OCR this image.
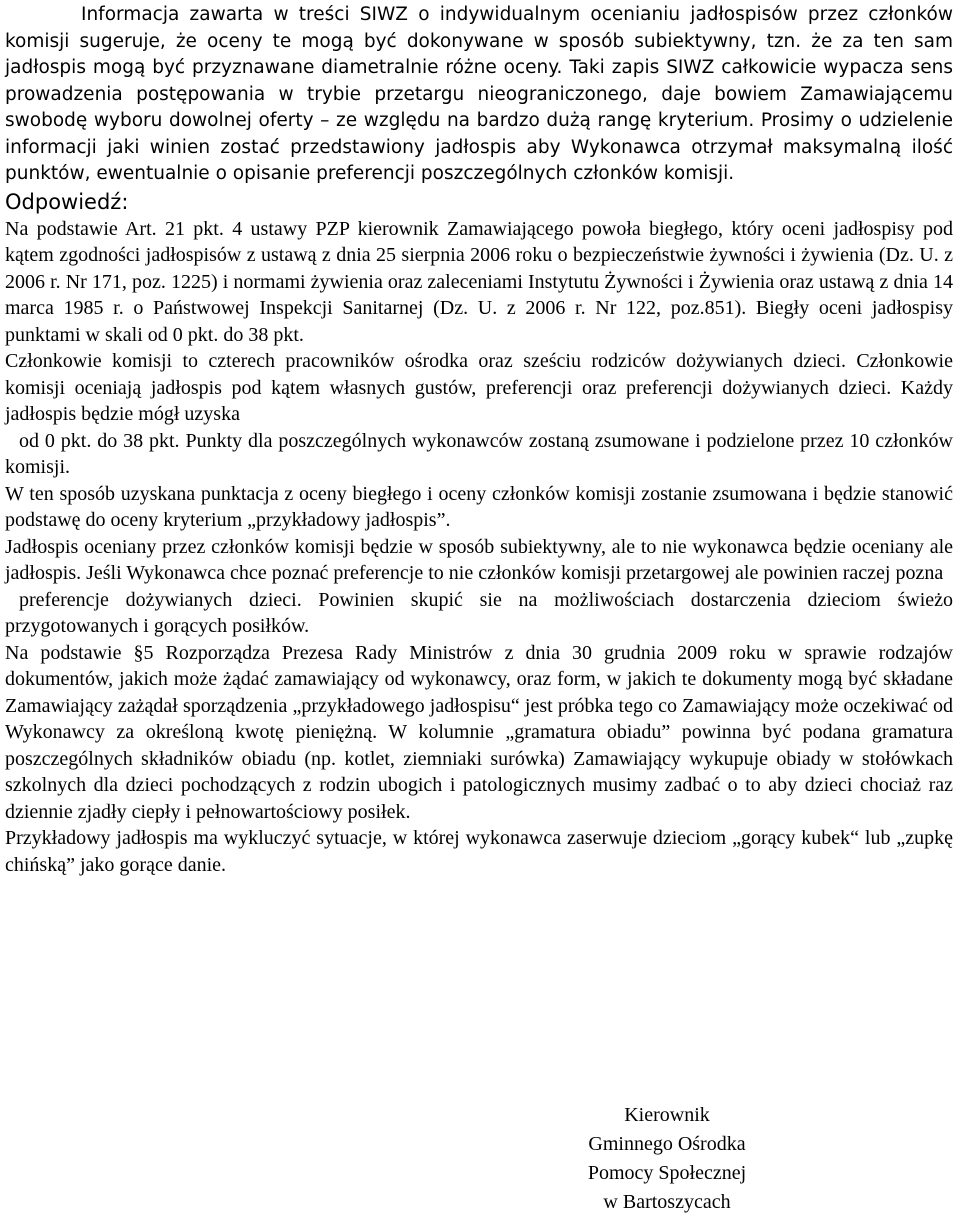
Informacja zawarta w treści SIWZ o indywidualnym ocenianiu jadłospisów przez członków komisji sugeruje, że oceny te mogą być dokonywane w sposób subiektywny, tzn. że za ten sam jadłospis mogą być przyznawane diametralnie różne oceny. Taki zapis SIWZ całkowicie wypacza sens prowadzenia postępowania w trybie przetargu nieograniczonego, daje bowiem Zamawiającemu swobodę wyboru dowolnej oferty – ze względu na bardzo dużą rangę kryterium. Prosimy o udzielenie informacji jaki winien zostać przedstawiony jadłospis aby Wykonawca otrzymał maksymalną ilość punktów, ewentualnie o opisanie preferencji poszczególnych członków komisji.

Odpowiedź:

Na podstawie Art. 21 pkt. 4 ustawy PZP kierownik Zamawiającego powoła biegłego, który oceni jadłospisy pod kątem zgodności jadłospisów z ustawą z dnia 25 sierpnia 2006 roku o bezpieczeństwie żywności i żywienia (Dz. U. z 2006 r. Nr 171, poz. 1225) i normami żywienia oraz zaleceniami Instytutu Żywności i Żywienia oraz ustawą z dnia 14 marca 1985 r. o Państwowej Inspekcji Sanitarnej (Dz. U. z 2006 r. Nr 122, poz.851). Biegły oceni jadłospisy punktami w skali od 0 pkt. do 38 pkt.

Członkowie komisji to czterech pracowników ośrodka oraz sześciu rodziców dożywianych dzieci. Członkowie komisji oceniają jadłospis pod kątem własnych gustów, preferencji oraz preferencji dożywianych dzieci. Każdy jadłospis będzie mógł uzyska

od 0 pkt. do 38 pkt. Punkty dla poszczególnych wykonawców zostaną zsumowane i podzielone przez 10 członków komisji.

W ten sposób uzyskana punktacja z oceny biegłego i oceny członków komisji zostanie zsumowana i będzie stanowić podstawę do oceny kryterium „przykładowy jadłospis”.

Jadłospis oceniany przez członków komisji będzie w sposób subiektywny, ale to nie wykonawca będzie oceniany ale jadłospis. Jeśli Wykonawca chce poznać preferencje to nie członków komisji przetargowej ale powinien raczej pozna

preferencje dożywianych dzieci. Powinien skupić sie na możliwościach dostarczenia dzieciom świeżo przygotowanych i gorących posiłków.

Na podstawie §5 Rozporządza Prezesa Rady Ministrów z dnia 30 grudnia 2009 roku w sprawie rodzajów dokumentów, jakich może żądać zamawiający od wykonawcy, oraz form, w jakich te dokumenty mogą być składane Zamawiający zażądał sporządzenia „przykładowego jadłospisu“ jest próbka tego co Zamawiający może oczekiwać od Wykonawcy za określoną kwotę pieniężną. W kolumnie „gramatura obiadu” powinna być podana gramatura poszczególnych składników obiadu (np. kotlet, ziemniaki surówka) Zamawiający wykupuje obiady w stołówkach szkolnych dla dzieci pochodzących z rodzin ubogich i patologicznych musimy zadbać o to aby dzieci chociaż raz dziennie zjadły ciepły i pełnowartościowy posiłek.

Przykładowy jadłospis ma wykluczyć sytuacje, w której wykonawca zaserwuje dzieciom „gorący kubek“ lub „zupkę chińską” jako gorące danie.

Kierownik
Gminnego Ośrodka
Pomocy Społecznej
w Bartoszycach
